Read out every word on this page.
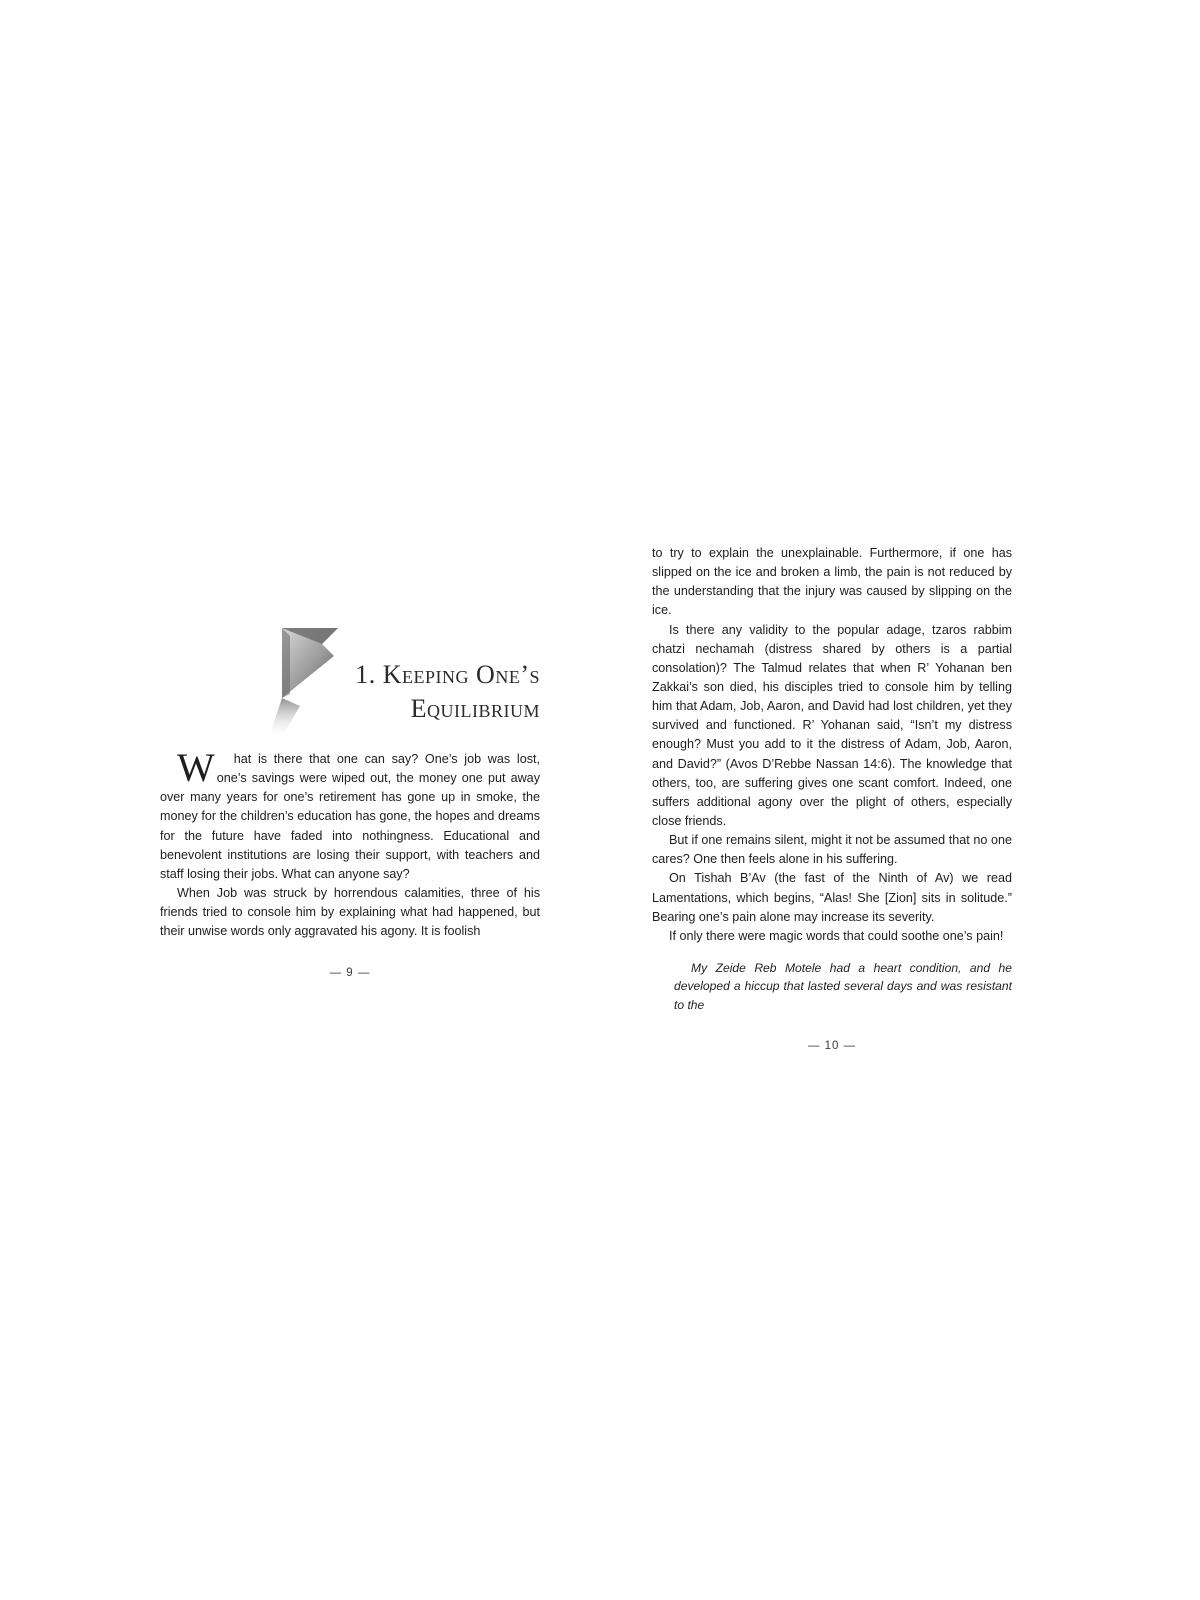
1. Keeping One’s
Equilibrium

W hat is there that one can say? One’s job was lost, one’s savings were wiped out, the money one put away over many years for one’s retirement has gone up in smoke, the money for the children’s education has gone, the hopes and dreams for the future have faded into nothingness. Educational and benevolent institutions are losing their support, with teachers and staff losing their jobs. What can anyone say?

When Job was struck by horrendous calamities, three of his friends tried to console him by explaining what had happened, but their unwise words only aggravated his agony. It is foolish

— 9 —

to try to explain the unexplainable. Furthermore, if one has slipped on the ice and broken a limb, the pain is not reduced by the understanding that the injury was caused by slipping on the ice.

Is there any validity to the popular adage, tzaros rabbim chatzi nechamah (distress shared by others is a partial consolation)? The Talmud relates that when R’ Yohanan ben Zakkai’s son died, his disciples tried to console him by telling him that Adam, Job, Aaron, and David had lost children, yet they survived and functioned. R’ Yohanan said, “Isn’t my distress enough? Must you add to it the distress of Adam, Job, Aaron, and David?” (Avos D’Rebbe Nassan 14:6). The knowledge that others, too, are suffering gives one scant comfort. Indeed, one suffers additional agony over the plight of others, especially close friends.

But if one remains silent, might it not be assumed that no one cares? One then feels alone in his suffering.

On Tishah B’Av (the fast of the Ninth of Av) we read Lamentations, which begins, “Alas! She [Zion] sits in solitude.” Bearing one’s pain alone may increase its severity.

If only there were magic words that could soothe one’s pain!

My Zeide Reb Motele had a heart condition, and he developed a hiccup that lasted several days and was resistant to the

— 10 —
